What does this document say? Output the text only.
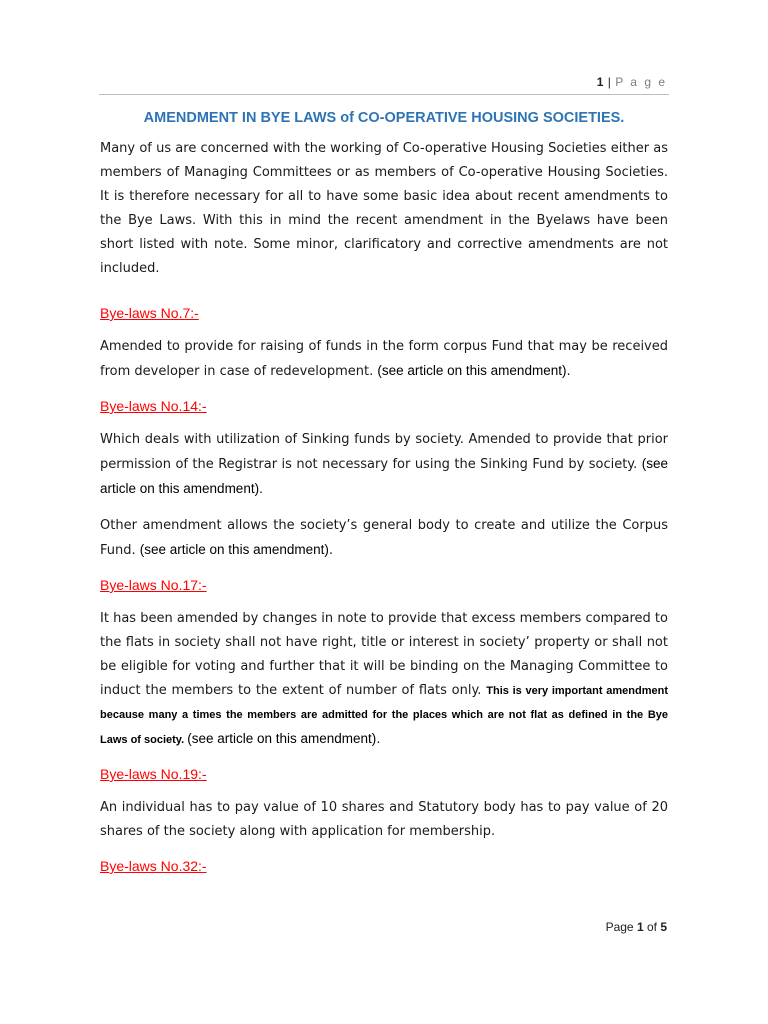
1 | P a g e
AMENDMENT IN BYE LAWS of CO-OPERATIVE HOUSING SOCIETIES.

Many of us are concerned with the working of Co-operative Housing Societies either as members of Managing Committees or as members of Co-operative Housing Societies. It is therefore necessary for all to have some basic idea about recent amendments to the Bye Laws. With this in mind the recent amendment in the Byelaws have been short listed with note. Some minor, clarificatory and corrective amendments are not included.

Bye-laws No.7:-

Amended to provide for raising of funds in the form corpus Fund that may be received from developer in case of redevelopment. (see article on this amendment).

Bye-laws No.14:-

Which deals with utilization of Sinking funds by society. Amended to provide that prior permission of the Registrar is not necessary for using the Sinking Fund by society. (see article on this amendment).

Other amendment allows the society’s general body to create and utilize the Corpus Fund. (see article on this amendment).

Bye-laws No.17:-

It has been amended by changes in note to provide that excess members compared to the flats in society shall not have right, title or interest in society’ property or shall not be eligible for voting and further that it will be binding on the Managing Committee to induct the members to the extent of number of flats only. This is very important amendment because many a times the members are admitted for the places which are not flat as defined in the Bye Laws of society. (see article on this amendment).

Bye-laws No.19:-

An individual has to pay value of 10 shares and Statutory body has to pay value of 20 shares of the society along with application for membership.

Bye-laws No.32:-
Page 1 of 5
